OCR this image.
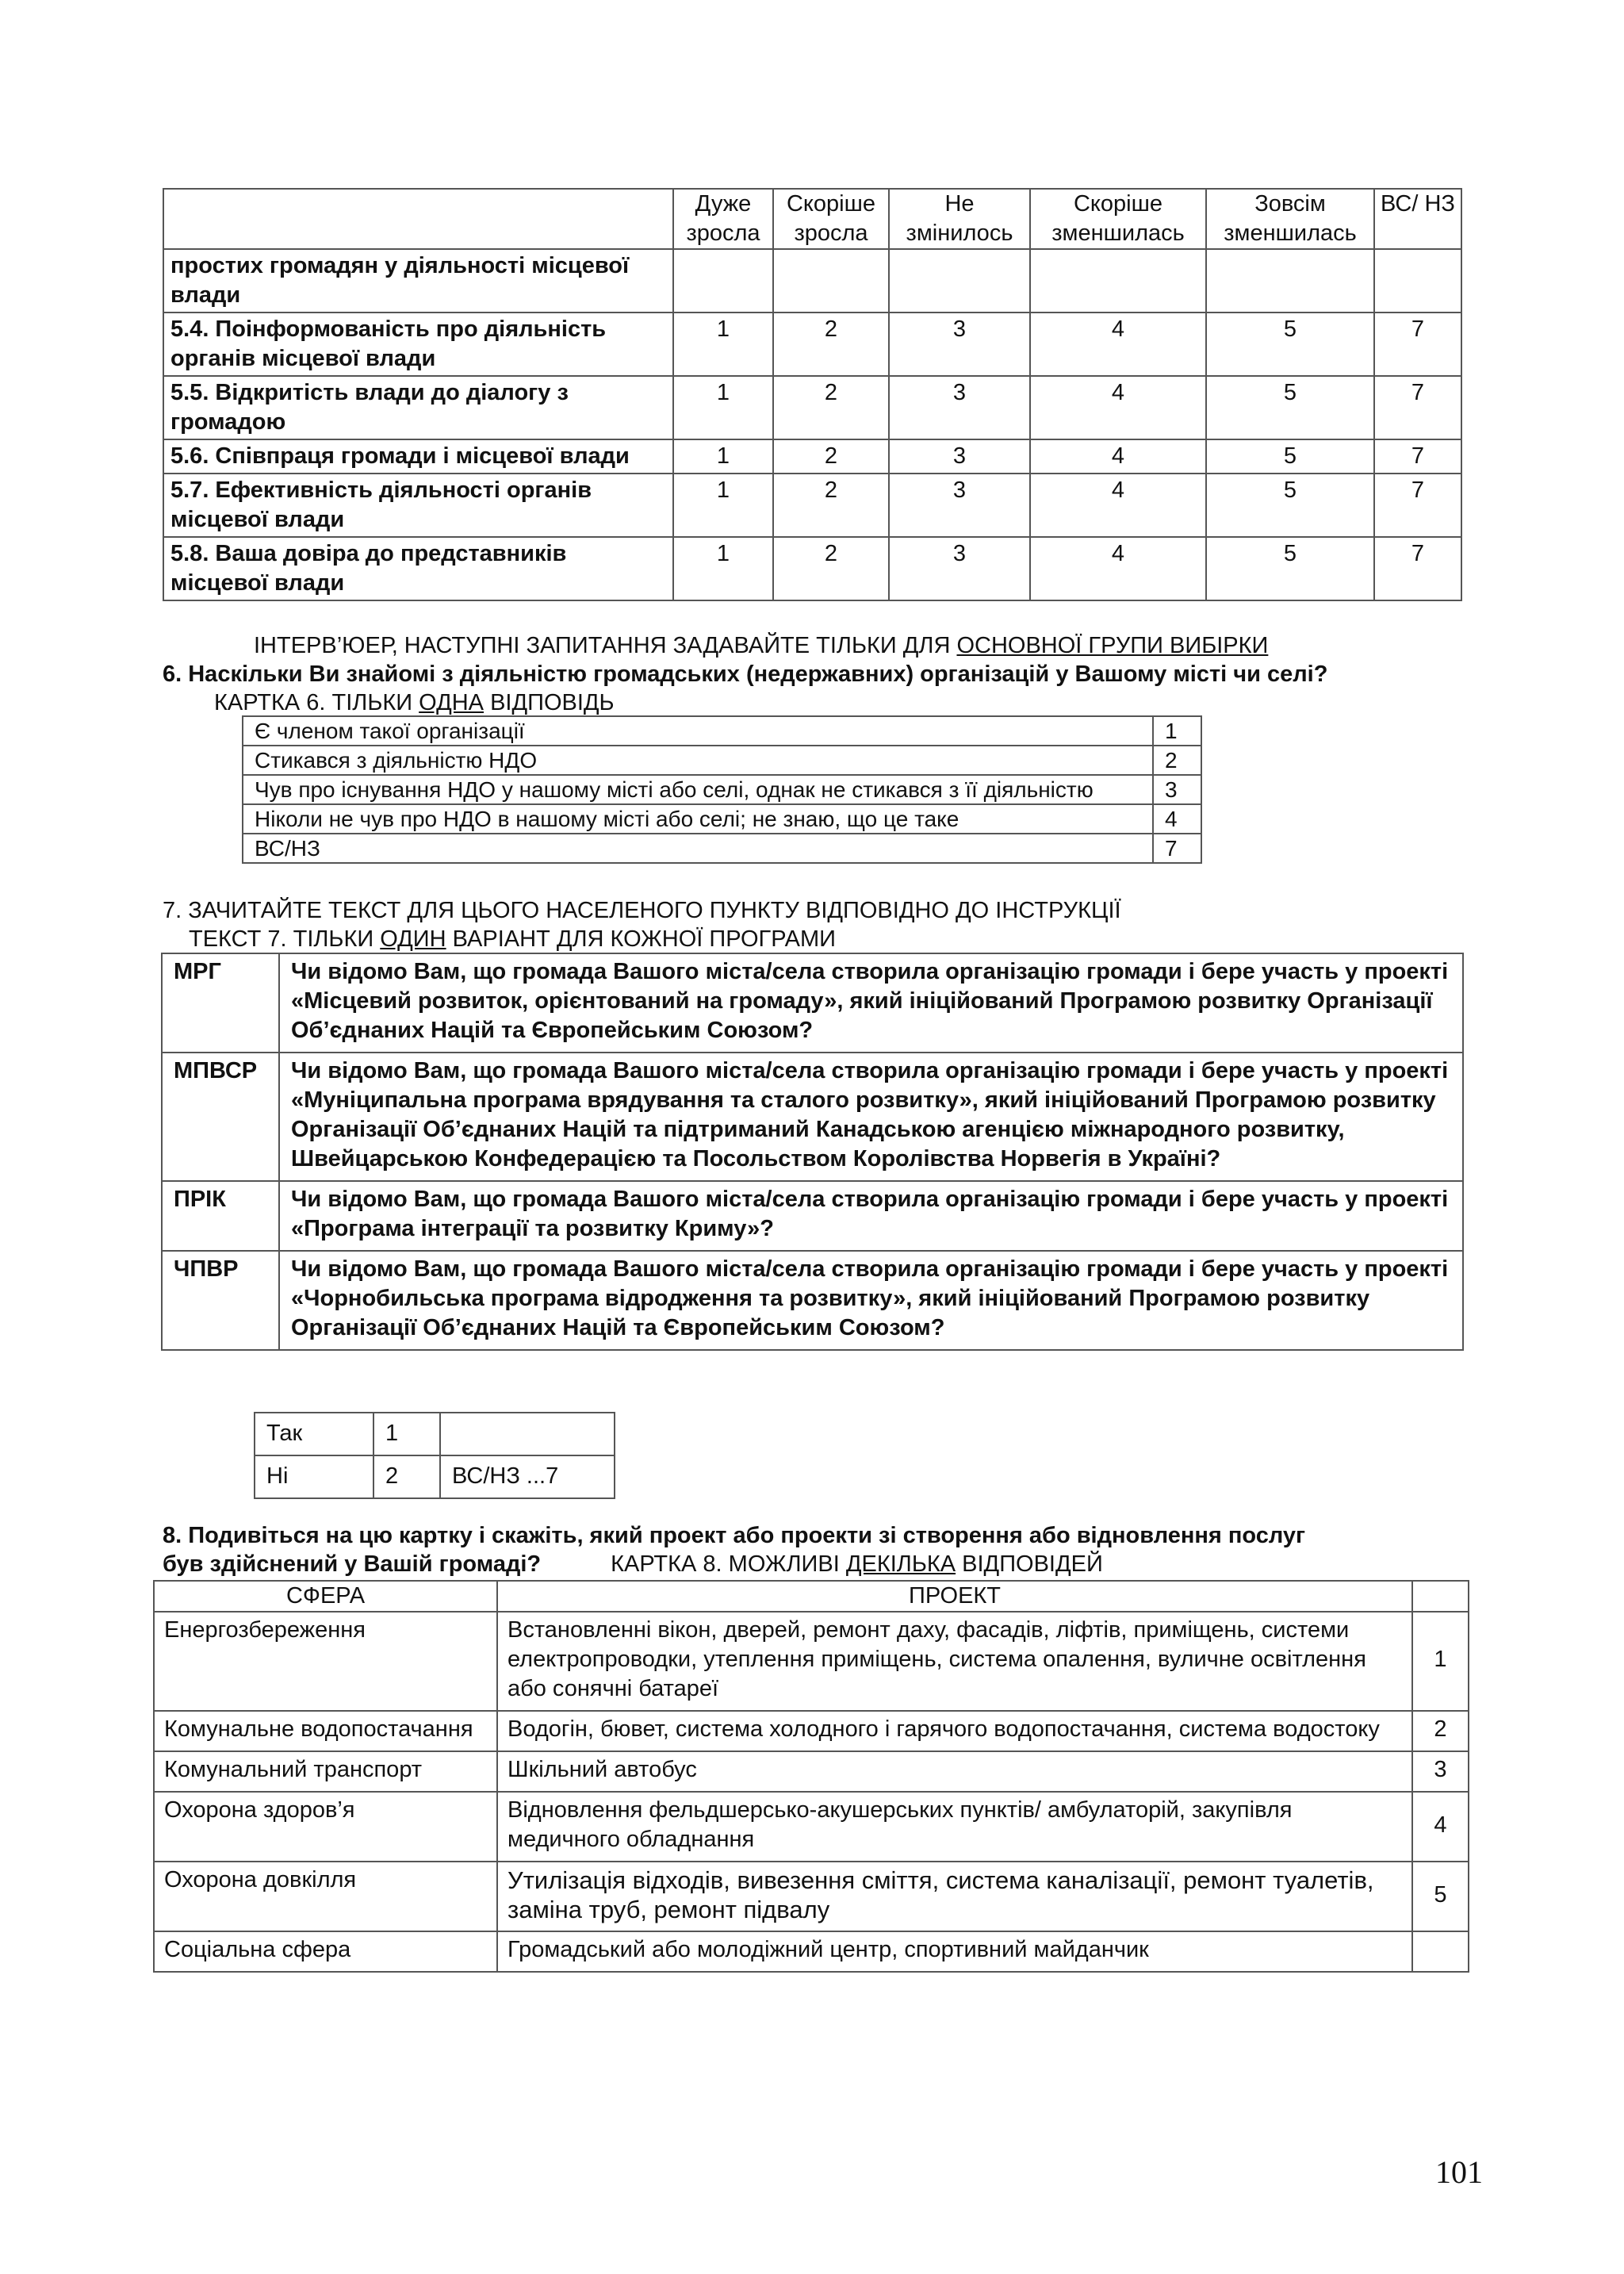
	Дуже зросла	Скоріше зросла	Не змінилось	Скоріше зменшилась	Зовсім зменшилась	ВС/ НЗ
простих громадян у діяльності місцевої влади						
5.4. Поінформованість про діяльність органів місцевої влади	1	2	3	4	5	7
5.5. Відкритість влади до діалогу з громадою	1	2	3	4	5	7
5.6. Співпраця громади і місцевої влади	1	2	3	4	5	7
5.7. Ефективність діяльності органів місцевої влади	1	2	3	4	5	7
5.8. Ваша довіра до представників місцевої влади	1	2	3	4	5	7
ІНТЕРВ’ЮЕР, НАСТУПНІ ЗАПИТАННЯ ЗАДАВАЙТЕ ТІЛЬКИ ДЛЯ ОСНОВНОЇ ГРУПИ ВИБІРКИ
6. Наскільки Ви знайомі з діяльністю громадських (недержавних) організацій у Вашому місті чи селі?
КАРТКА 6. ТІЛЬКИ ОДНА ВІДПОВІДЬ
Є членом такої організації	1
Стикався з діяльністю НДО	2
Чув про існування НДО у нашому місті або селі, однак не стикався з її діяльністю	3
Ніколи не чув про НДО в нашому місті або селі; не знаю, що це таке	4
ВС/НЗ	7
7. ЗАЧИТАЙТЕ ТЕКСТ ДЛЯ ЦЬОГО НАСЕЛЕНОГО ПУНКТУ ВІДПОВІДНО ДО ІНСТРУКЦІЇ
ТЕКСТ 7. ТІЛЬКИ ОДИН ВАРІАНТ ДЛЯ КОЖНОЇ ПРОГРАМИ
МРГ	Чи відомо Вам, що громада Вашого міста/села створила організацію громади і бере участь у проекті «Місцевий розвиток, орієнтований на громаду», який ініційований Програмою розвитку Організації Об’єднаних Націй та Європейським Союзом?
МПВСР	Чи відомо Вам, що громада Вашого міста/села створила організацію громади і бере участь у проекті «Муніципальна програма врядування та сталого розвитку», який ініційований Програмою розвитку Організації Об’єднаних Націй та підтриманий Канадською агенцією міжнародного розвитку, Швейцарською Конфедерацією та Посольством Королівства Норвегія в Україні?
ПРІК	Чи відомо Вам, що громада Вашого міста/села створила організацію громади і бере участь у проекті «Програма інтеграції та розвитку Криму»?
ЧПВР	Чи відомо Вам, що громада Вашого міста/села створила організацію громади і бере участь у проекті «Чорнобильська програма відродження та розвитку», який ініційований Програмою розвитку Організації Об’єднаних Націй та Європейським Союзом?
Так	1	
Ні	2	ВС/НЗ ...7
8. Подивіться на цю картку і скажіть, який проект або проекти зі створення або відновлення послуг
був здійснений у Вашій громаді?	КАРТКА 8. МОЖЛИВІ ДЕКІЛЬКА ВІДПОВІДЕЙ
СФЕРА	ПРОЕКТ	
Енергозбереження	Встановленні вікон, дверей, ремонт даху, фасадів, ліфтів, приміщень, системи електропроводки, утеплення приміщень, система опалення, вуличне освітлення або сонячні батареї	1
Комунальне водопостачання	Водогін, бювет, система холодного і гарячого водопостачання, система водостоку	2
Комунальний транспорт	Шкільний автобус	3
Охорона здоров’я	Відновлення фельдшерсько-акушерських пунктів/ амбулаторій, закупівля медичного обладнання	4
Охорона довкілля	Утилізація відходів, вивезення сміття, система каналізації, ремонт туалетів, заміна труб, ремонт підвалу	5
Соціальна сфера	Громадський або молодіжний центр, спортивний майданчик	
101
